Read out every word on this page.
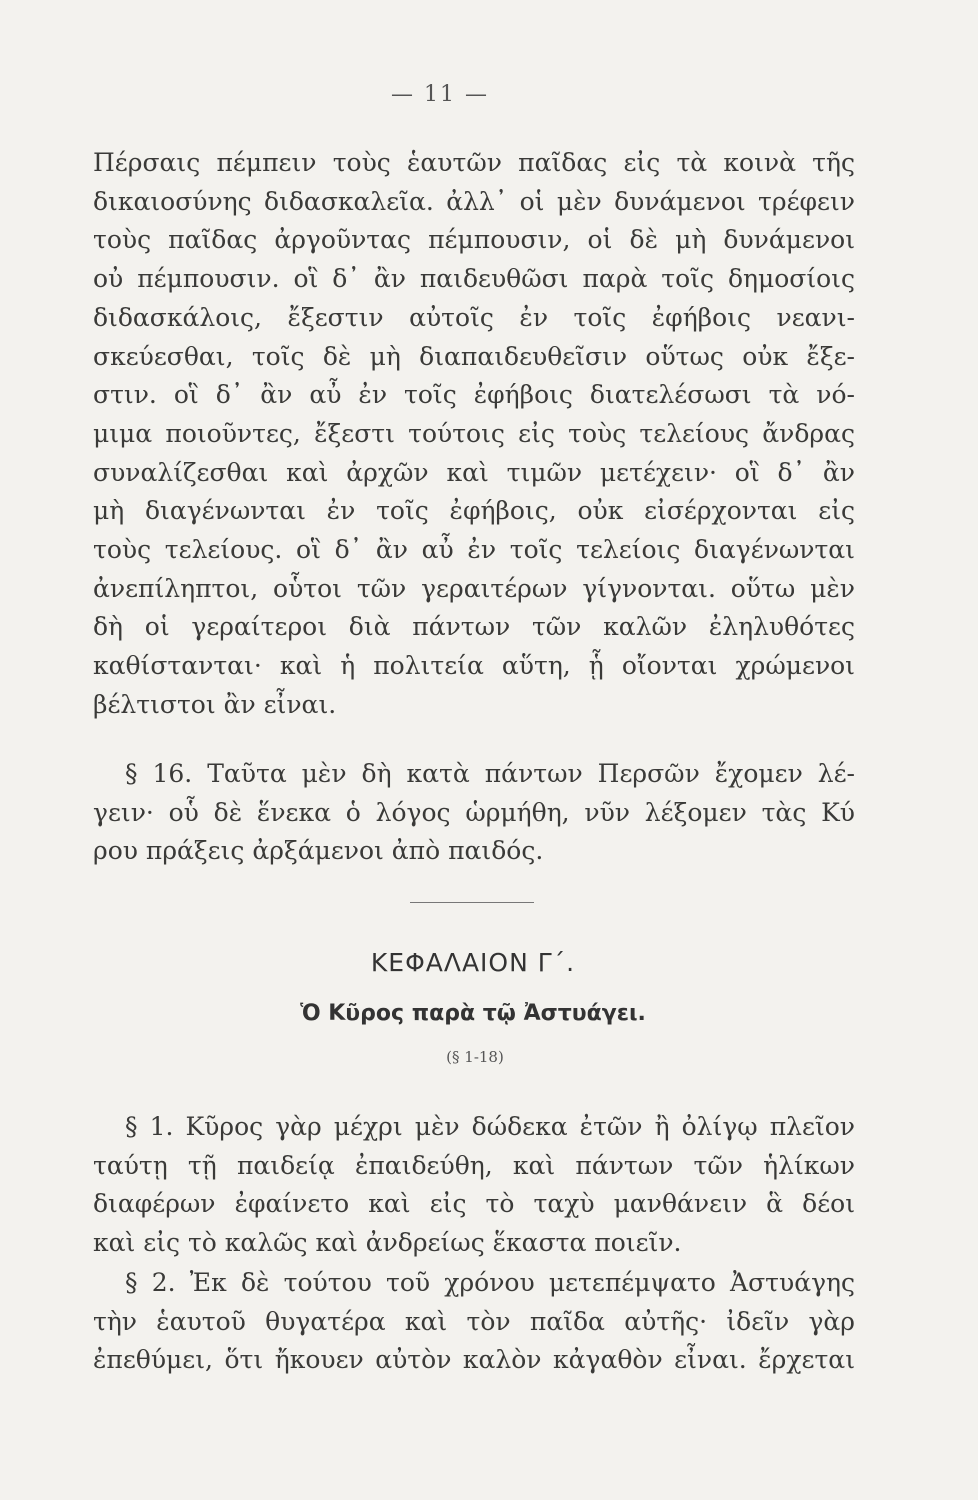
— 11 —
Πέρσαις πέμπειν τοὺς ἑαυτῶν παῖδας εἰς τὰ κοινὰ τῆς
δικαιοσύνης διδασκαλεῖα. ἀλλ᾽ οἱ μὲν δυνάμενοι τρέφειν
τοὺς παῖδας ἀργοῦντας πέμπουσιν, οἱ δὲ μὴ δυνάμενοι
οὐ πέμπουσιν. οἳ δ᾽ ἂν παιδευθῶσι παρὰ τοῖς δημοσίοις
διδασκάλοις, ἔξεστιν αὐτοῖς ἐν τοῖς ἐφήβοις νεανι-
σκεύεσθαι, τοῖς δὲ μὴ διαπαιδευθεῖσιν οὕτως οὐκ ἔξε-
στιν. οἳ δ᾽ ἂν αὖ ἐν τοῖς ἐφήβοις διατελέσωσι τὰ νό-
μιμα ποιοῦντες, ἔξεστι τούτοις εἰς τοὺς τελείους ἄνδρας
συναλίζεσθαι καὶ ἀρχῶν καὶ τιμῶν μετέχειν· οἳ δ᾽ ἂν
μὴ διαγένωνται ἐν τοῖς ἐφήβοις, οὐκ εἰσέρχονται εἰς
τοὺς τελείους. οἳ δ᾽ ἂν αὖ ἐν τοῖς τελείοις διαγένωνται
ἀνεπίληπτοι, οὗτοι τῶν γεραιτέρων γίγνονται. οὕτω μὲν
δὴ οἱ γεραίτεροι διὰ πάντων τῶν καλῶν ἐληλυθότες
καθίστανται· καὶ ἡ πολιτεία αὕτη, ᾗ οἴονται χρώμενοι
βέλτιστοι ἂν εἶναι.
§ 16. Ταῦτα μὲν δὴ κατὰ πάντων Περσῶν ἔχομεν λέ-
γειν· οὗ δὲ ἕνεκα ὁ λόγος ὡρμήθη, νῦν λέξομεν τὰς Κύ
ρου πράξεις ἀρξάμενοι ἀπὸ παιδός.
ΚΕΦΑΛΑΙΟΝ Γ΄.
Ὁ Κῦρος παρὰ τῷ Ἀστυάγει.
(§ 1-18)
§ 1. Κῦρος γὰρ μέχρι μὲν δώδεκα ἐτῶν ἢ ὀλίγῳ πλεῖον
ταύτῃ τῇ παιδείᾳ ἐπαιδεύθη, καὶ πάντων τῶν ἡλίκων
διαφέρων ἐφαίνετο καὶ εἰς τὸ ταχὺ μανθάνειν ἃ δέοι
καὶ εἰς τὸ καλῶς καὶ ἀνδρείως ἕκαστα ποιεῖν.
§ 2. Ἐκ δὲ τούτου τοῦ χρόνου μετεπέμψατο Ἀστυάγης
τὴν ἑαυτοῦ θυγατέρα καὶ τὸν παῖδα αὐτῆς· ἰδεῖν γὰρ
ἐπεθύμει, ὅτι ἤκουεν αὐτὸν καλὸν κἀγαθὸν εἶναι. ἔρχεται
